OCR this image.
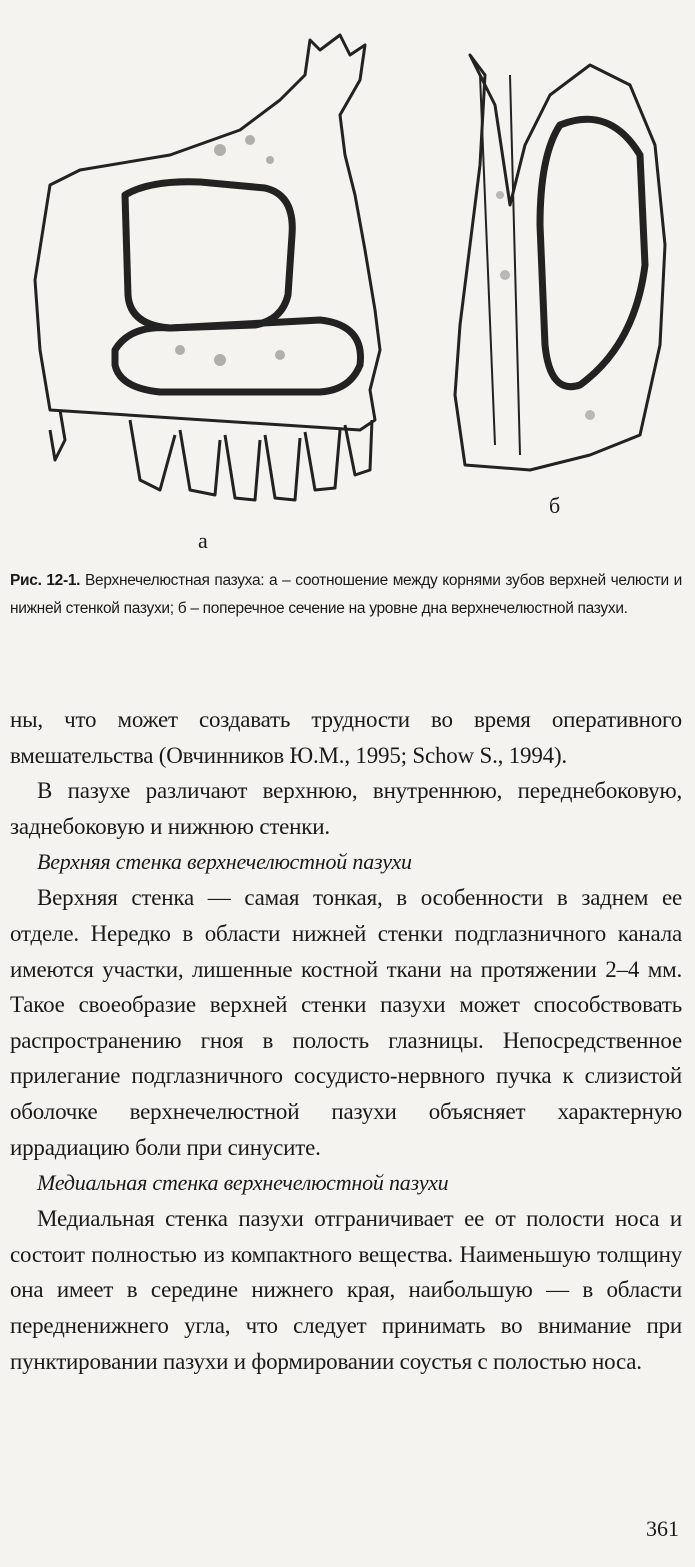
а
б
Рис. 12-1. Верхнечелюстная пазуха: а – соотношение между корнями зубов верхней челюсти и нижней стенкой пазухи; б – поперечное сечение на уровне дна верхнечелюстной пазухи.

ны, что может создавать трудности во время оперативного вмешательства (Овчинников Ю.М., 1995; Schow S., 1994).

В пазухе различают верхнюю, внутреннюю, переднебоковую, заднебоковую и нижнюю стенки.

Верхняя стенка верхнечелюстной пазухи

Верхняя стенка — самая тонкая, в особенности в заднем ее отделе. Нередко в области нижней стенки подглазничного канала имеются участки, лишенные костной ткани на протяжении 2–4 мм. Такое своеобразие верхней стенки пазухи может способствовать распространению гноя в полость глазницы. Непосредственное прилегание подглазничного сосудисто-нервного пучка к слизистой оболочке верхнечелюстной пазухи объясняет характерную иррадиацию боли при синусите.

Медиальная стенка верхнечелюстной пазухи

Медиальная стенка пазухи отграничивает ее от полости носа и состоит полностью из компактного вещества. Наименьшую толщину она имеет в середине нижнего края, наибольшую — в области передненижнего угла, что следует принимать во внимание при пунктировании пазухи и формировании соустья с полостью носа.

361
